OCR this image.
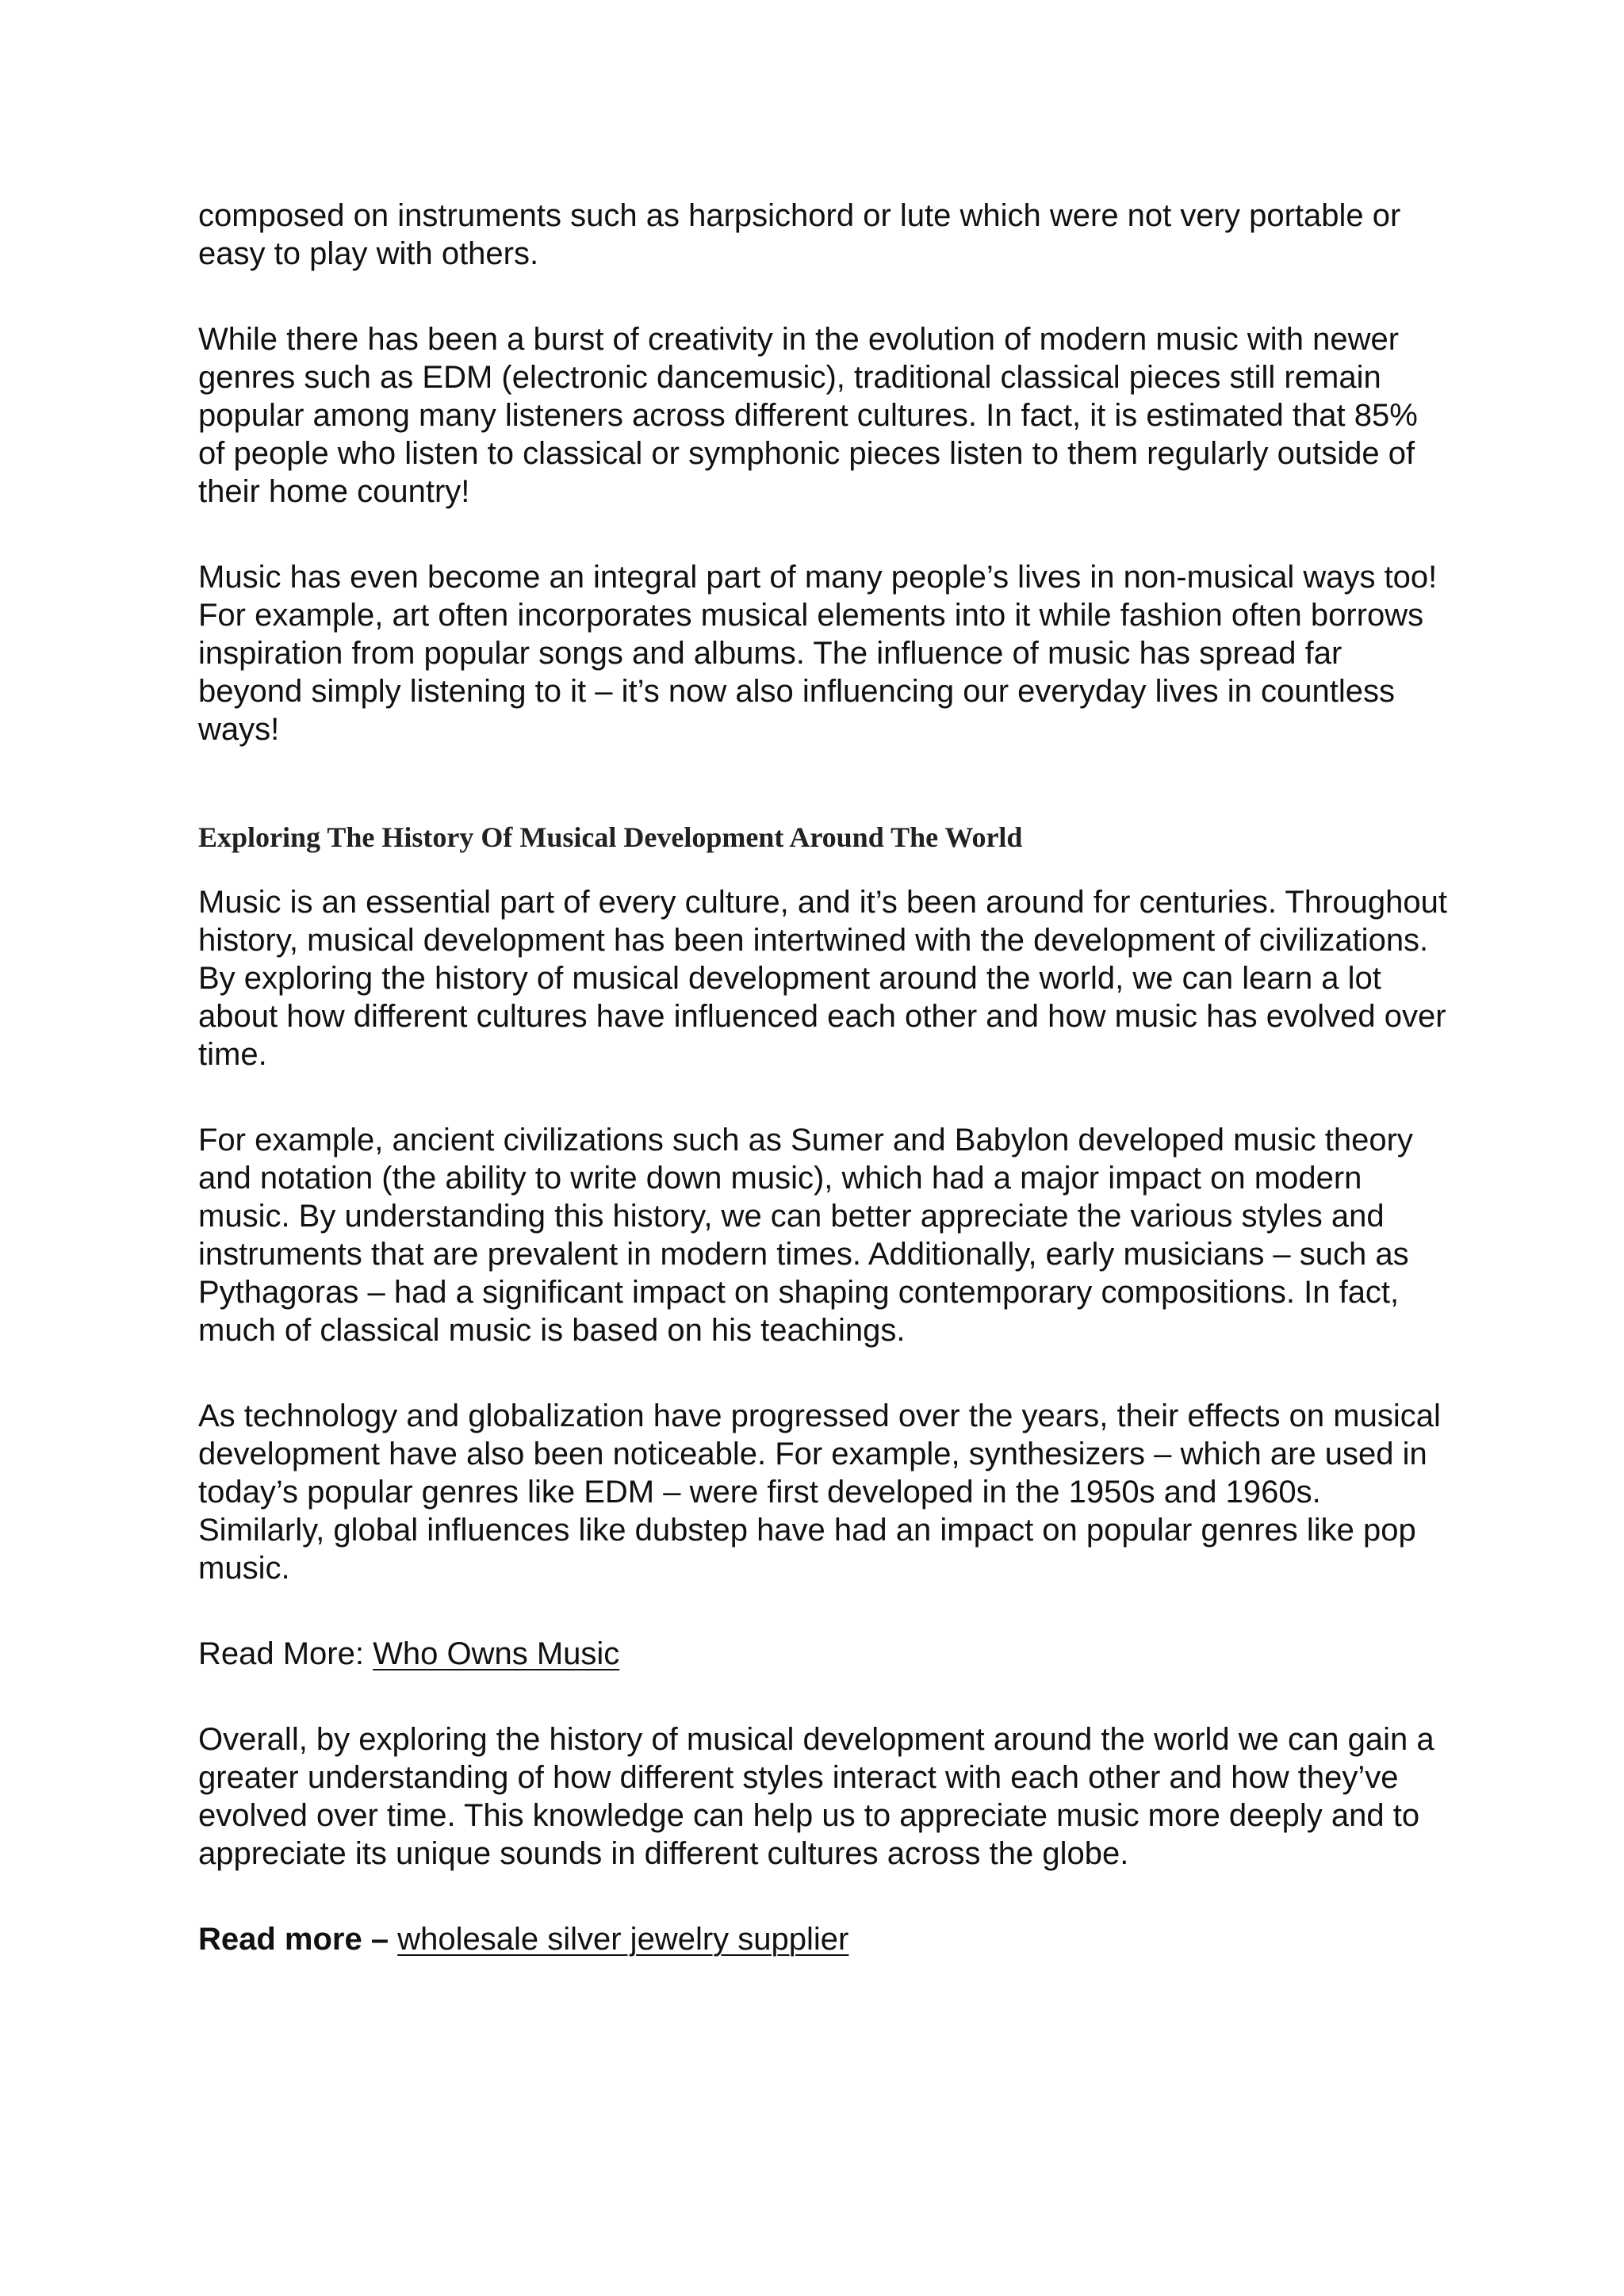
composed on instruments such as harpsichord or lute which were not very portable or easy to play with others.

While there has been a burst of creativity in the evolution of modern music with newer genres such as EDM (electronic dancemusic), traditional classical pieces still remain popular among many listeners across different cultures. In fact, it is estimated that 85% of people who listen to classical or symphonic pieces listen to them regularly outside of their home country!

Music has even become an integral part of many people’s lives in non-musical ways too! For example, art often incorporates musical elements into it while fashion often borrows inspiration from popular songs and albums. The influence of music has spread far beyond simply listening to it – it’s now also influencing our everyday lives in countless ways!

Exploring The History Of Musical Development Around The World

Music is an essential part of every culture, and it’s been around for centuries. Throughout history, musical development has been intertwined with the development of civilizations. By exploring the history of musical development around the world, we can learn a lot about how different cultures have influenced each other and how music has evolved over time.

For example, ancient civilizations such as Sumer and Babylon developed music theory and notation (the ability to write down music), which had a major impact on modern music. By understanding this history, we can better appreciate the various styles and instruments that are prevalent in modern times. Additionally, early musicians – such as Pythagoras – had a significant impact on shaping contemporary compositions. In fact, much of classical music is based on his teachings.

As technology and globalization have progressed over the years, their effects on musical development have also been noticeable. For example, synthesizers – which are used in today’s popular genres like EDM – were first developed in the 1950s and 1960s. Similarly, global influences like dubstep have had an impact on popular genres like pop music.

Read More: Who Owns Music

Overall, by exploring the history of musical development around the world we can gain a greater understanding of how different styles interact with each other and how they’ve evolved over time. This knowledge can help us to appreciate music more deeply and to appreciate its unique sounds in different cultures across the globe.

Read more – wholesale silver jewelry supplier
